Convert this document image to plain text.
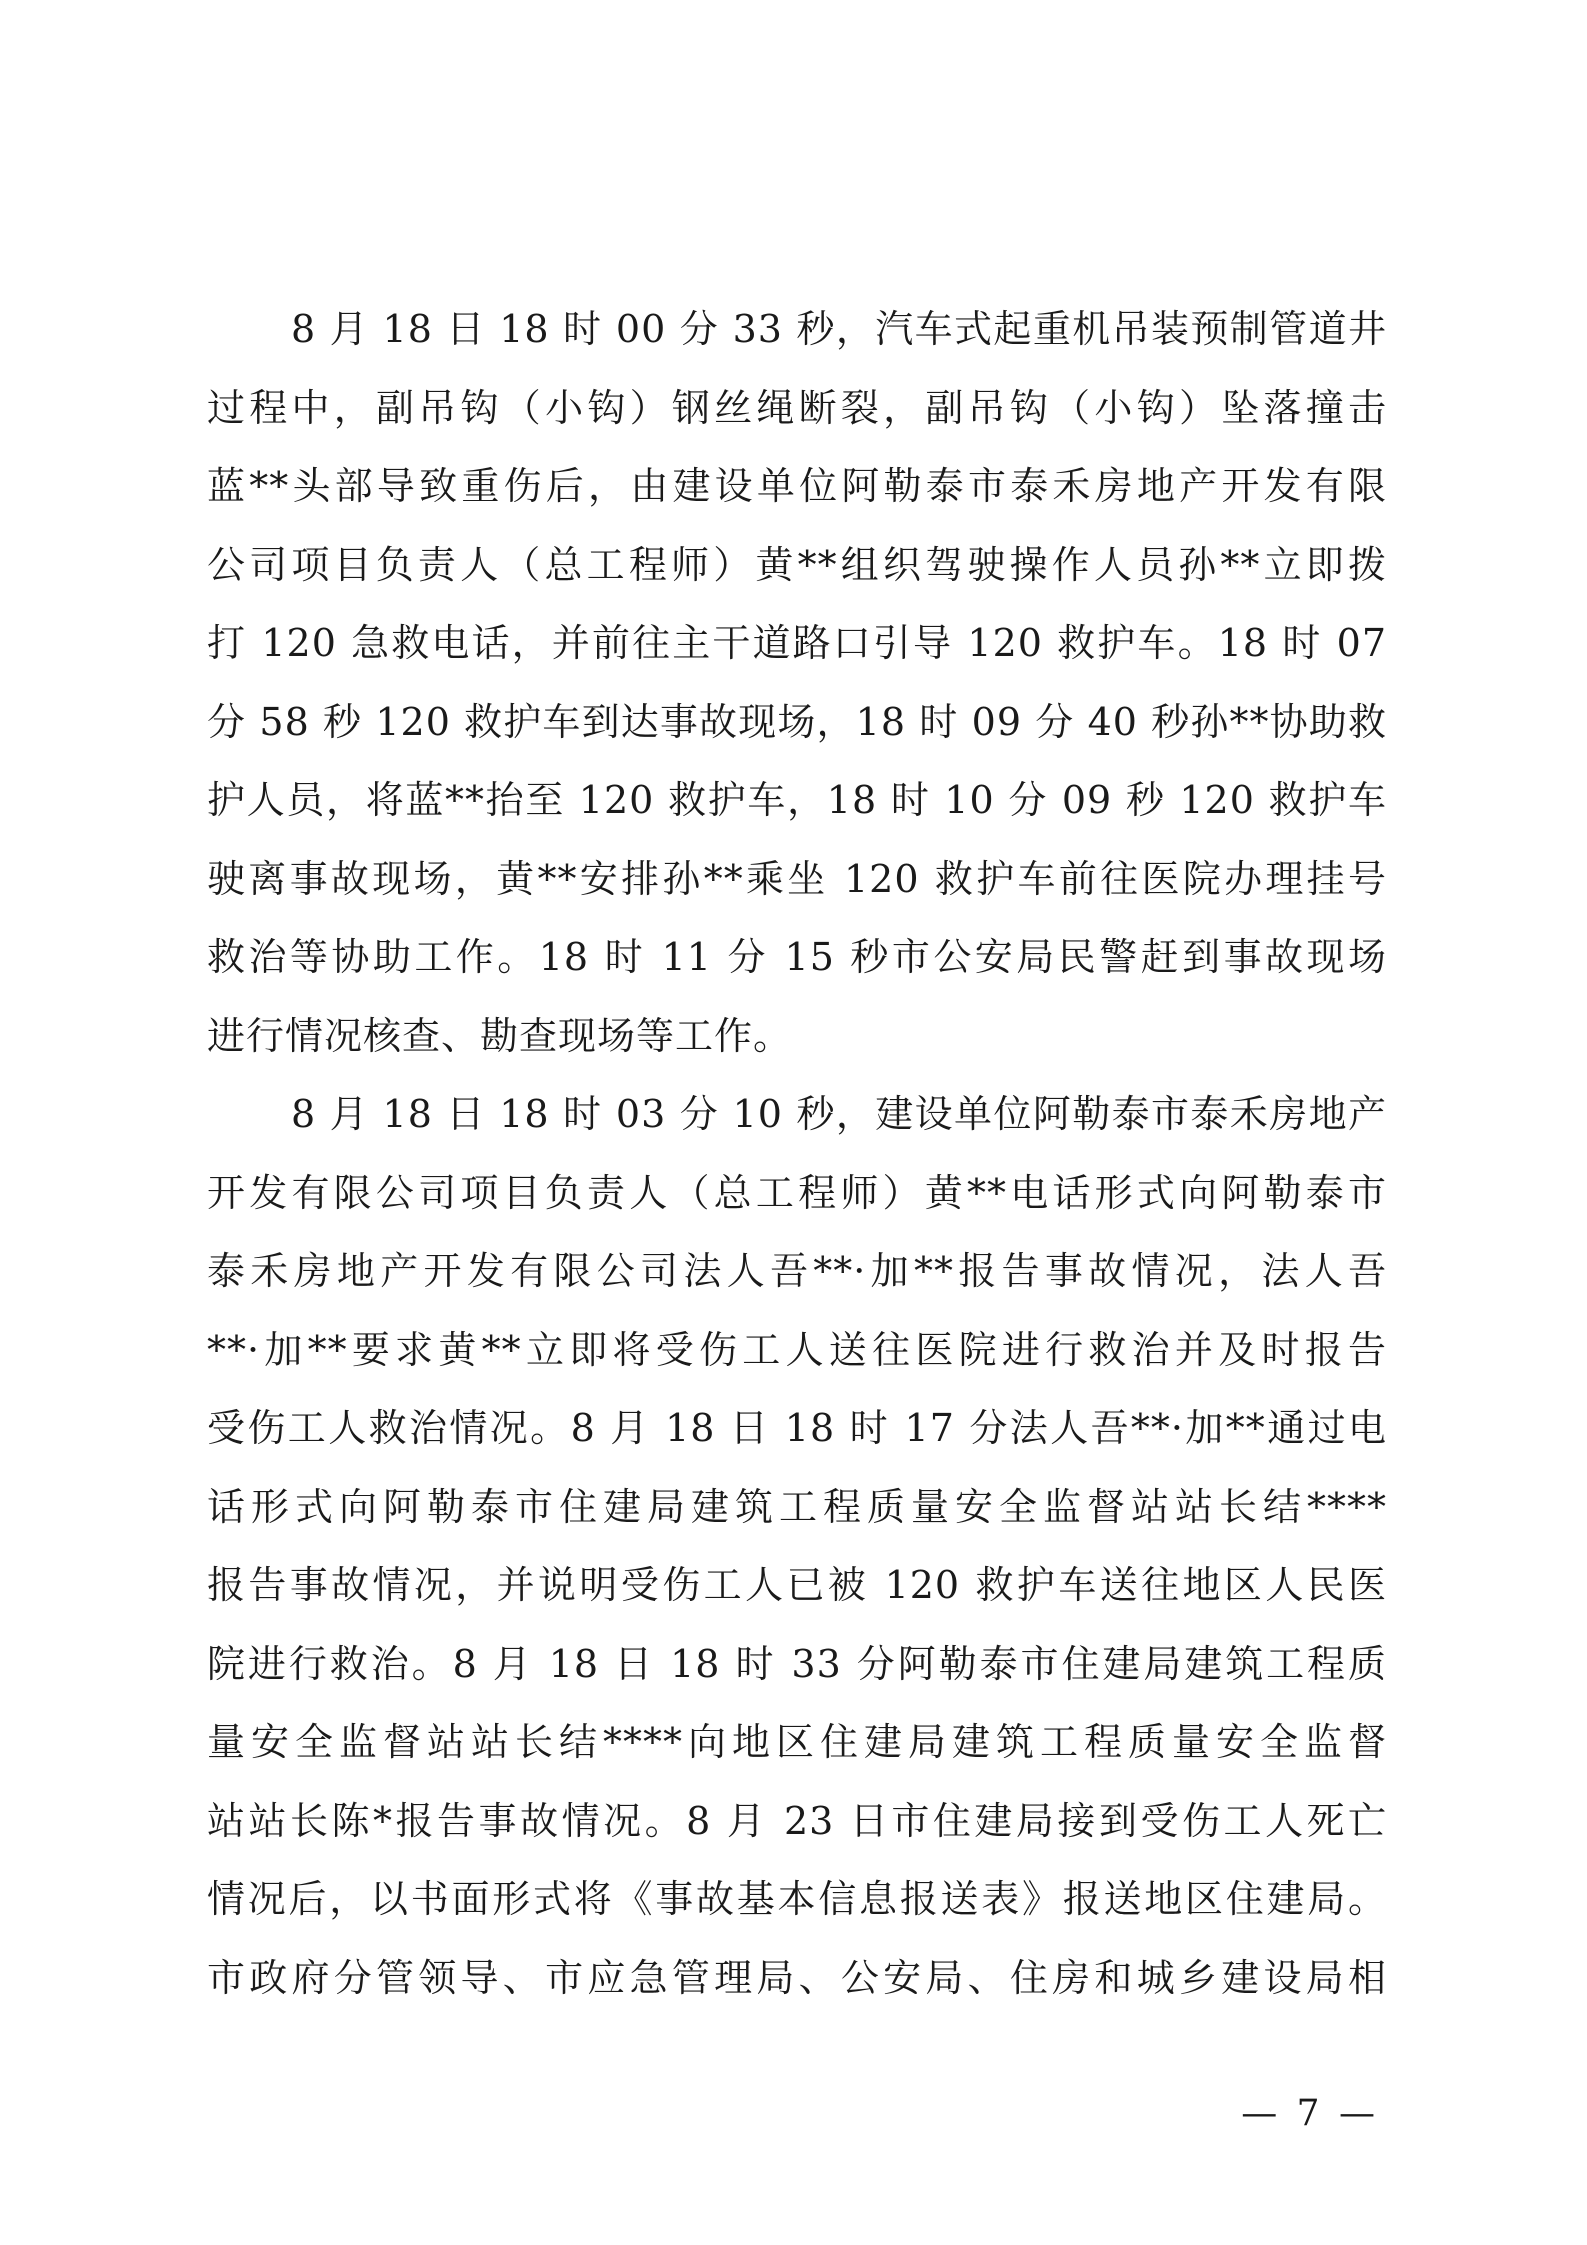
8 月 18 日 18 时 00 分 33 秒，汽车式起重机吊装预制管道井
过程中，副吊钩（小钩）钢丝绳断裂，副吊钩（小钩）坠落撞击
蓝**头部导致重伤后，由建设单位阿勒泰市泰禾房地产开发有限
公司项目负责人（总工程师）黄**组织驾驶操作人员孙**立即拨
打 120 急救电话，并前往主干道路口引导 120 救护车。18 时 07
分 58 秒 120 救护车到达事故现场，18 时 09 分 40 秒孙**协助救
护人员，将蓝**抬至 120 救护车，18 时 10 分 09 秒 120 救护车
驶离事故现场，黄**安排孙**乘坐 120 救护车前往医院办理挂号
救治等协助工作。18 时 11 分 15 秒市公安局民警赶到事故现场
进行情况核查、勘查现场等工作。
8 月 18 日 18 时 03 分 10 秒，建设单位阿勒泰市泰禾房地产
开发有限公司项目负责人（总工程师）黄**电话形式向阿勒泰市
泰禾房地产开发有限公司法人吾**·加**报告事故情况，法人吾
**·加**要求黄**立即将受伤工人送往医院进行救治并及时报告
受伤工人救治情况。8 月 18 日 18 时 17 分法人吾**·加**通过电
话形式向阿勒泰市住建局建筑工程质量安全监督站站长结****
报告事故情况，并说明受伤工人已被 120 救护车送往地区人民医
院进行救治。8 月 18 日 18 时 33 分阿勒泰市住建局建筑工程质
量安全监督站站长结****向地区住建局建筑工程质量安全监督
站站长陈*报告事故情况。8 月 23 日市住建局接到受伤工人死亡
情况后，以书面形式将《事故基本信息报送表》报送地区住建局。
市政府分管领导、市应急管理局、公安局、住房和城乡建设局相
— 7 —
